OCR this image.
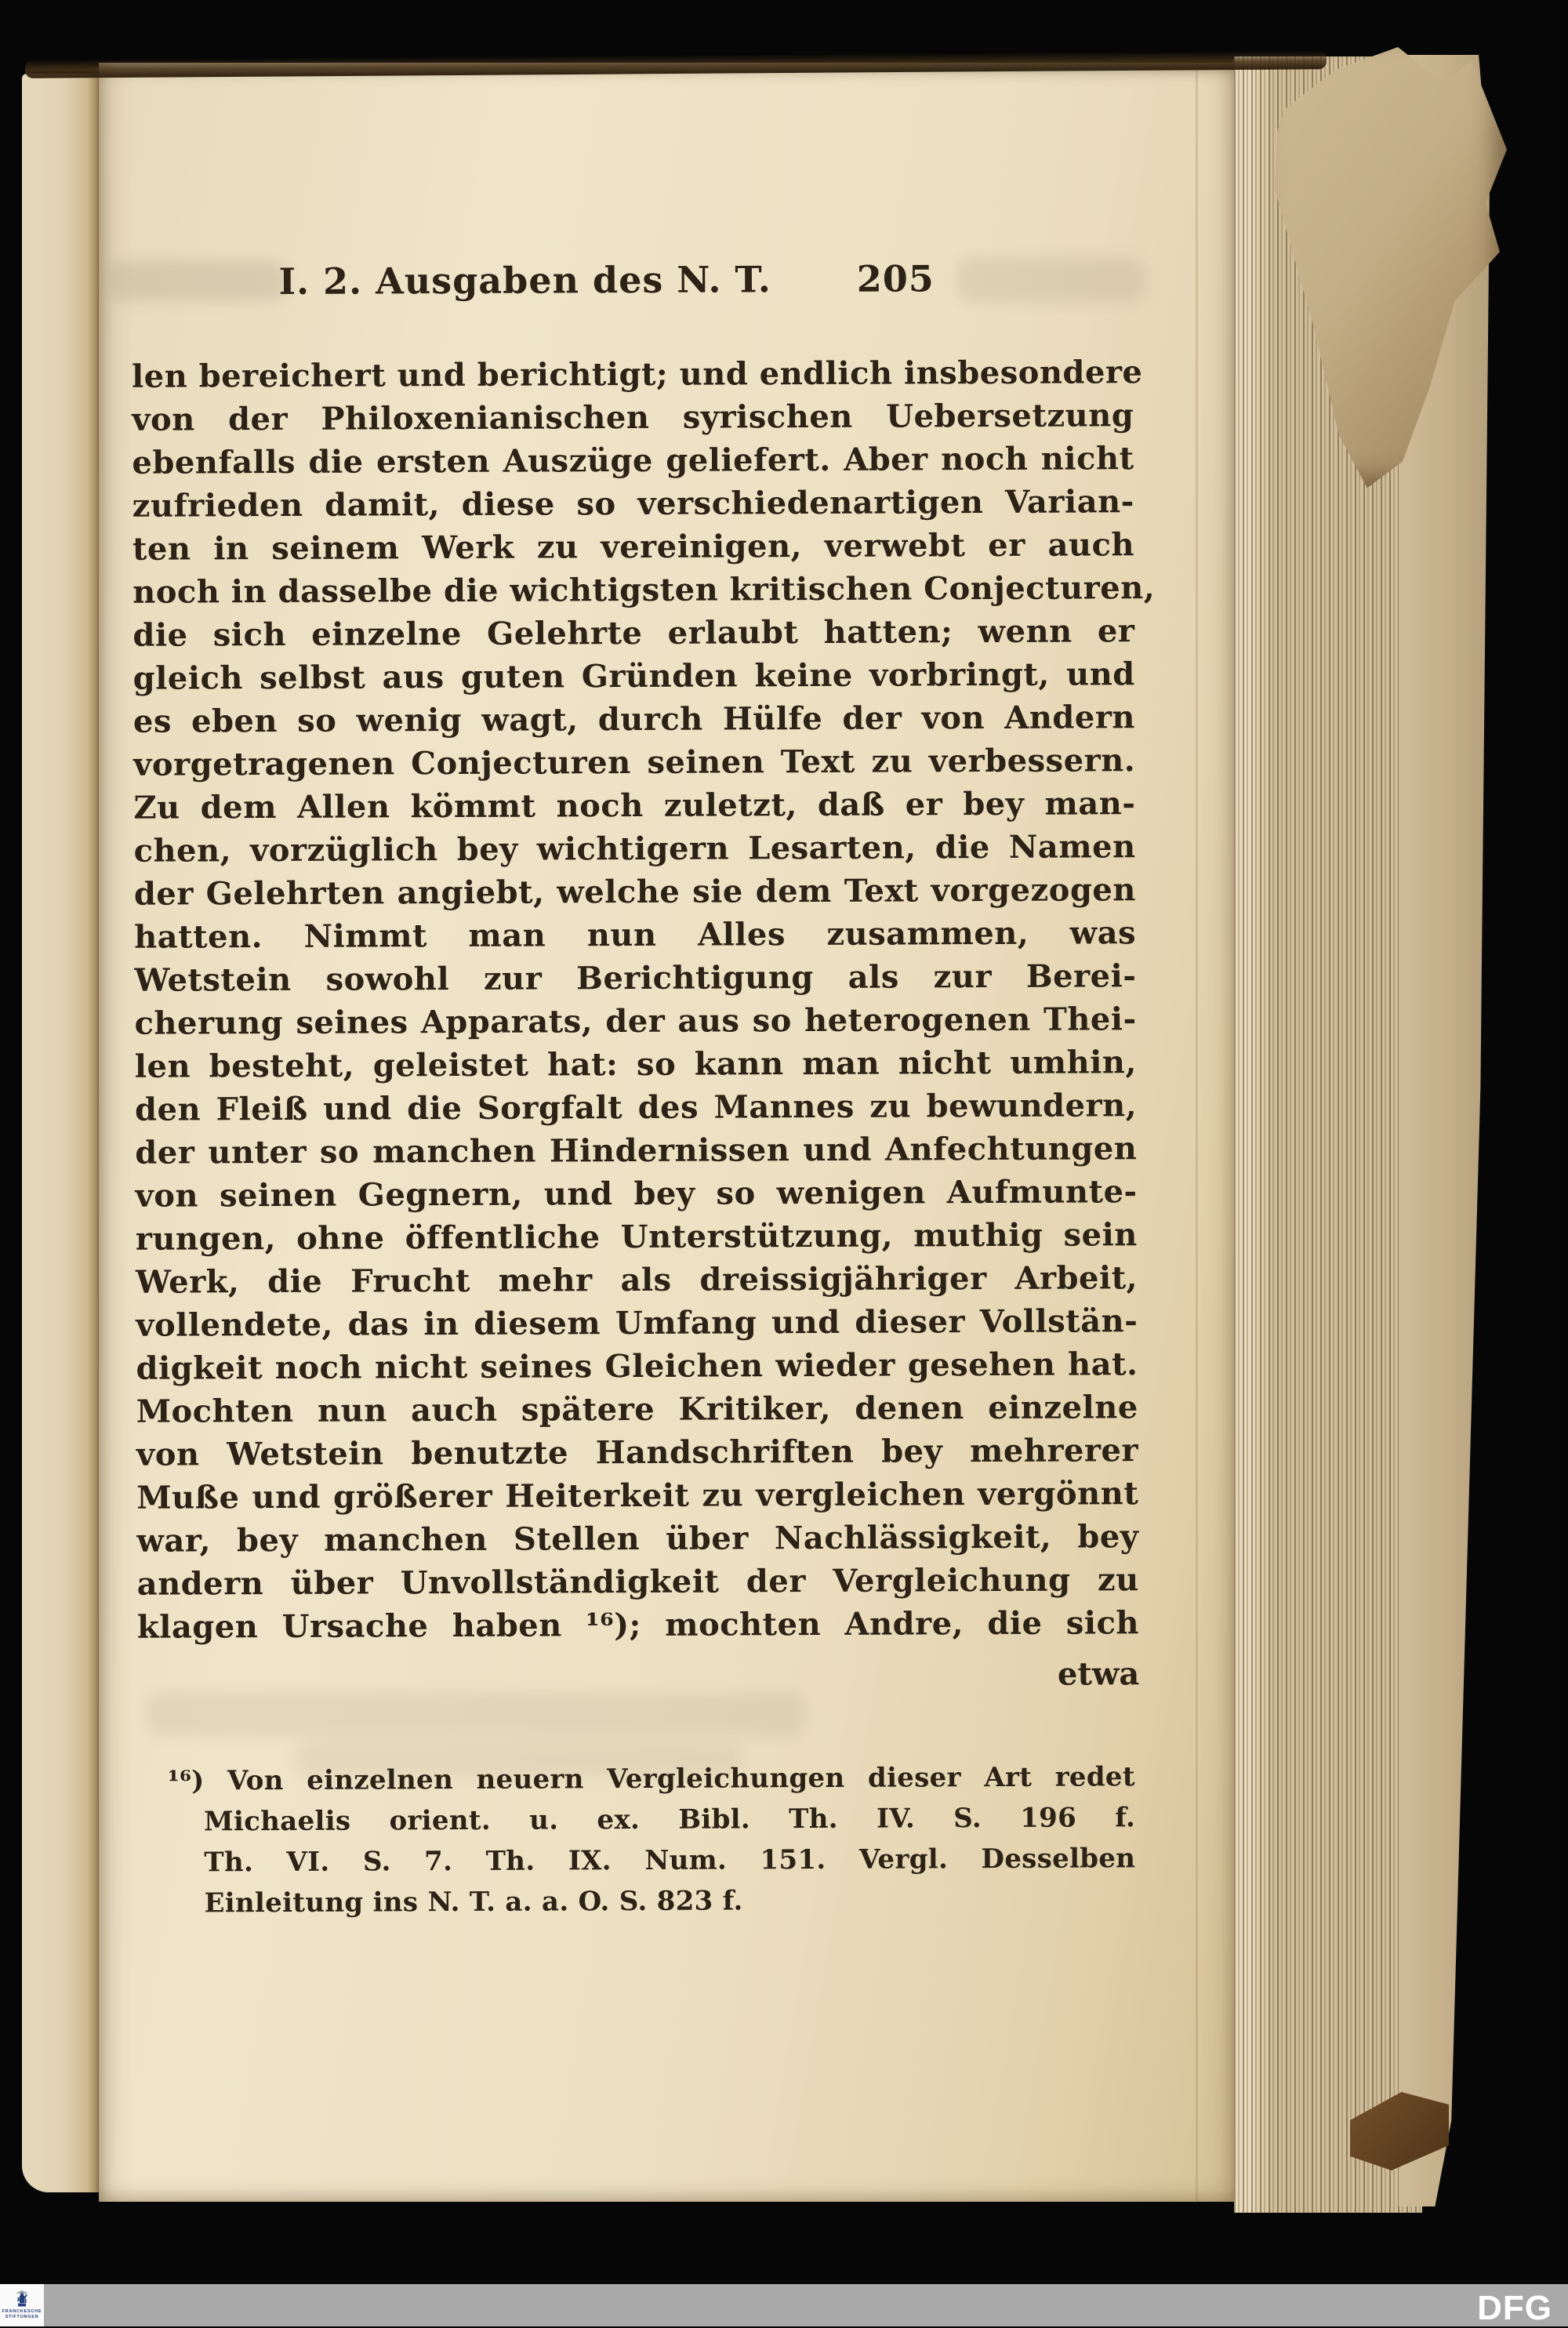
I. 2. Ausgaben des N. T. 205
len bereichert und berichtigt; und endlich insbesondere
von der Philoxenianischen syrischen Uebersetzung
ebenfalls die ersten Auszüge geliefert. Aber noch nicht
zufrieden damit, diese so verschiedenartigen Varian-
ten in seinem Werk zu vereinigen, verwebt er auch
noch in dasselbe die wichtigsten kritischen Conjecturen,
die sich einzelne Gelehrte erlaubt hatten; wenn er
gleich selbst aus guten Gründen keine vorbringt, und
es eben so wenig wagt, durch Hülfe der von Andern
vorgetragenen Conjecturen seinen Text zu verbessern.
Zu dem Allen kömmt noch zuletzt, daß er bey man-
chen, vorzüglich bey wichtigern Lesarten, die Namen
der Gelehrten angiebt, welche sie dem Text vorgezogen
hatten. Nimmt man nun Alles zusammen, was
Wetstein sowohl zur Berichtigung als zur Berei-
cherung seines Apparats, der aus so heterogenen Thei-
len besteht, geleistet hat: so kann man nicht umhin,
den Fleiß und die Sorgfalt des Mannes zu bewundern,
der unter so manchen Hindernissen und Anfechtungen
von seinen Gegnern, und bey so wenigen Aufmunte-
rungen, ohne öffentliche Unterstützung, muthig sein
Werk, die Frucht mehr als dreissigjähriger Arbeit,
vollendete, das in diesem Umfang und dieser Vollstän-
digkeit noch nicht seines Gleichen wieder gesehen hat.
Mochten nun auch spätere Kritiker, denen einzelne
von Wetstein benutzte Handschriften bey mehrerer
Muße und größerer Heiterkeit zu vergleichen vergönnt
war, bey manchen Stellen über Nachlässigkeit, bey
andern über Unvollständigkeit der Vergleichung zu
klagen Ursache haben ¹⁶); mochten Andre, die sich
etwa
¹⁶) Von einzelnen neuern Vergleichungen dieser Art redet
Michaelis orient. u. ex. Bibl. Th. IV. S. 196 f.
Th. VI. S. 7. Th. IX. Num. 151. Vergl. Desselben
Einleitung ins N. T. a. a. O. S. 823 f.
FRANCKESCHE
STIFTUNGEN	DFG
